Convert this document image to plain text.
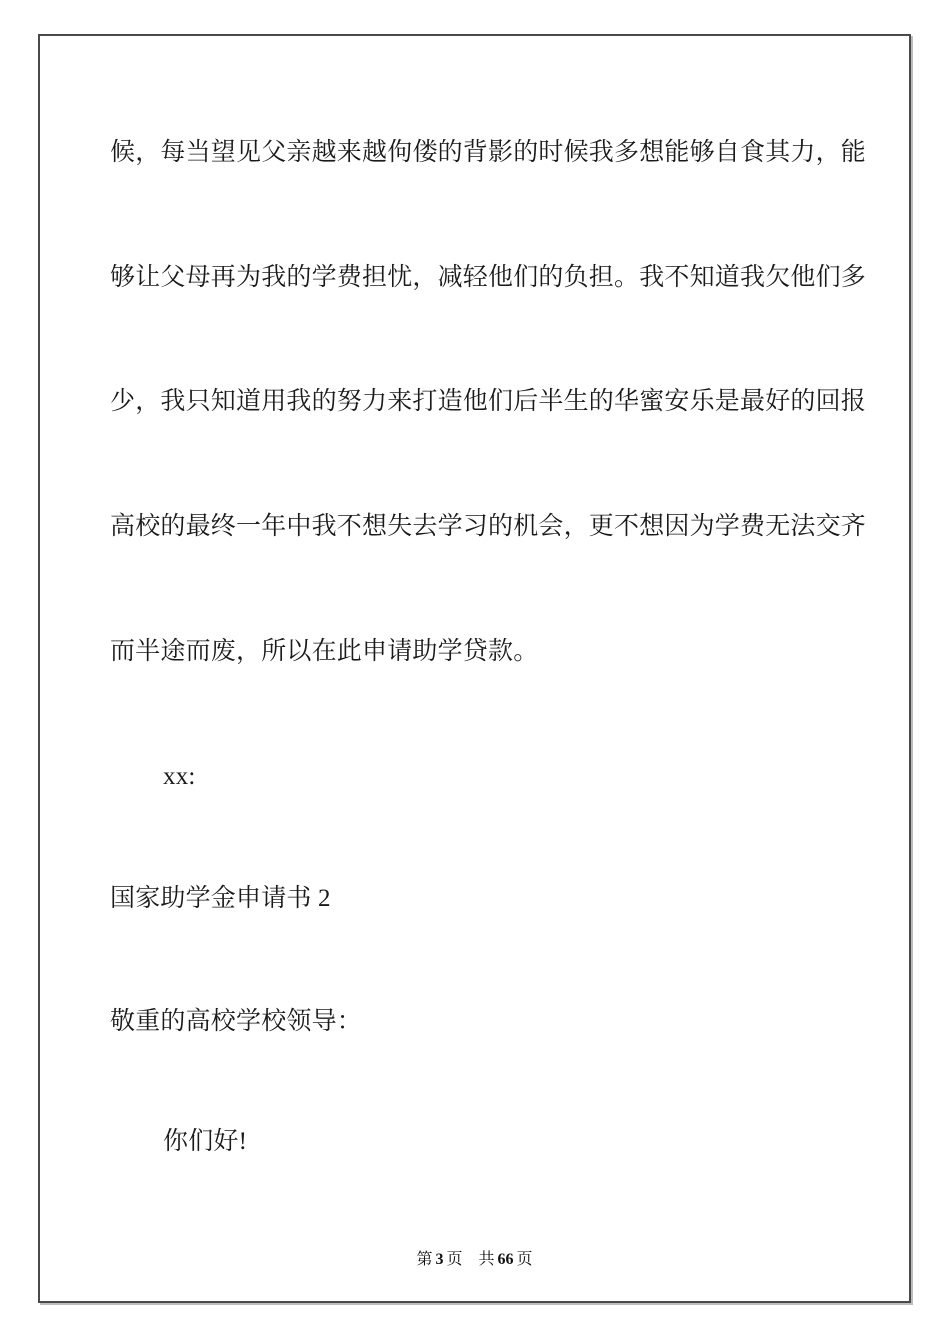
候，每当望见父亲越来越佝偻的背影的时候我多想能够自食其力，能
够让父母再为我的学费担忧，减轻他们的负担。我不知道我欠他们多
少，我只知道用我的努力来打造他们后半生的华蜜安乐是最好的回报
高校的最终一年中我不想失去学习的机会，更不想因为学费无法交齐
而半途而废，所以在此申请助学贷款。
xx:
国家助学金申请书 2
敬重的高校学校领导：
你们好!
第 3 页 共 66 页
